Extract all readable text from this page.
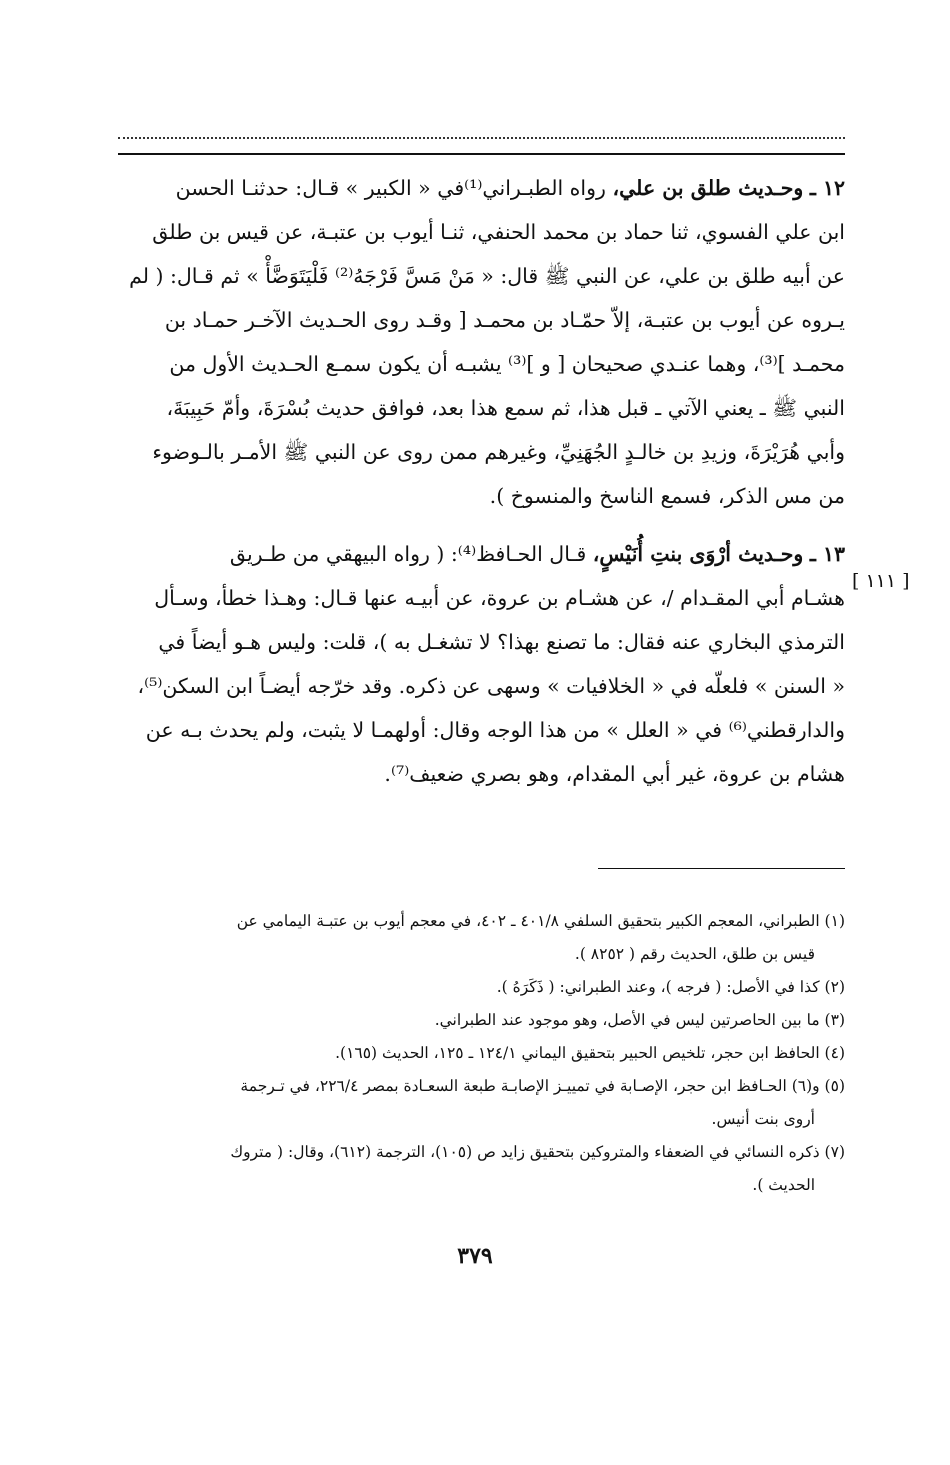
١٢ ـ وحـديث طلق بن علي، رواه الطبـراني⁽¹⁾في « الكبير » قـال: حدثنـا الحسن

ابن علي الفسوي، ثنا حماد بن محمد الحنفي، ثنـا أيوب بن عتبـة، عن قيس بن طلق

عن أبيه طلق بن علي، عن النبي ﷺ قال: « مَنْ مَسَّ فَرْجَهُ⁽²⁾ فَلْيَتَوَضَّأْ » ثم قـال: ( لم

يـروه عن أيوب بن عتبـة، إلاّ حمّـاد بن محمـد [ وقـد روى الحـديث الآخـر حمـاد بن

محمـد ]⁽³⁾، وهما عنـدي صحيحان [ و ]⁽³⁾ يشبـه أن يكون سمـع الحـديث الأول من

النبي ﷺ ـ يعني الآتي ـ قبل هذا، ثم سمع هذا بعد، فوافق حديث بُسْرَةَ، وأمّ حَبِيبَةَ،

وأبي هُرَيْرَةَ، وزيدِ بن خالـدٍ الجُهَنِيِّ، وغيرهم ممن روى عن النبي ﷺ الأمـر بالـوضوء

من مس الذكر، فسمع الناسخ والمنسوخ ).

١٣ ـ وحـديث أرْوَى بنتِ أُنَيْسٍ، قـال الحـافظ⁽⁴⁾: ( رواه البيهقي من طـريق

هشـام أبي المقـدام /، عن هشـام بن عروة، عن أبيـه عنها قـال: وهـذا خطأ، وسـأل

الترمذي البخاري عنه فقال: ما تصنع بهذا؟ لا تشغـل به )، قلت: وليس هـو أيضاً في

« السنن » فلعلّه في « الخلافيات » وسهى عن ذكره. وقد خرّجه أيضـاً ابن السكن⁽⁵⁾،

والدارقطني⁽⁶⁾ في « العلل » من هذا الوجه وقال: أولهمـا لا يثبت، ولم يحدث بـه عن

هشام بن عروة، غير أبي المقدام، وهو بصري ضعيف⁽⁷⁾.

[ ١١١ ]

(١) الطبراني، المعجم الكبير بتحقيق السلفي ٤٠١/٨ ـ ٤٠٢، في معجم أيوب بن عتبـة اليمامي عن

قيس بن طلق، الحديث رقم ( ٨٢٥٢ ).

(٢) كذا في الأصل: ( فرجه )، وعند الطبراني: ( ذَكَرَهُ ).

(٣) ما بين الحاصرتين ليس في الأصل، وهو موجود عند الطبراني.

(٤) الحافظ ابن حجر، تلخيص الحبير بتحقيق اليماني ١٢٤/١ ـ ١٢٥، الحديث (١٦٥).

(٥) و(٦) الحـافظ ابن حجر، الإصـابة في تمييـز الإصابـة طبعة السعـادة بمصر ٢٢٦/٤، في تـرجمة

أروى بنت أنيس.

(٧) ذكره النسائي في الضعفاء والمتروكين بتحقيق زايد ص (١٠٥)، الترجمة (٦١٢)، وقال: ( متروك

الحديث ).

٣٧٩
